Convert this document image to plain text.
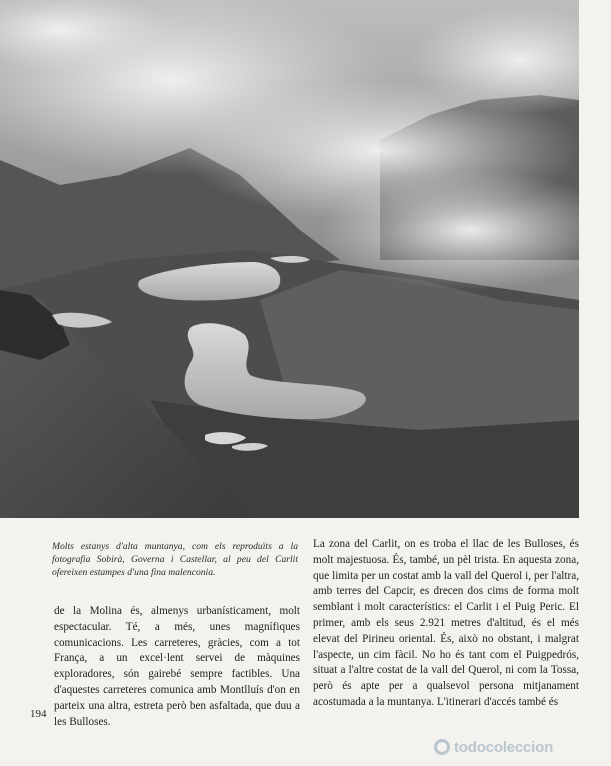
Molts estanys d'alta muntanya, com els reproduïts a la fotografia Sobirà, Governa i Castellar, al peu del Carlit ofereixen estampes d'una fina malenconia.

de la Molina és, almenys urbanísticament, molt espectacular. Té, a més, unes magnífiques comunicacions. Les carreteres, gràcies, com a tot França, a un excel·lent servei de màquines exploradores, són gairebé sempre factibles. Una d'aquestes carreteres comunica amb Montlluís d'on en parteix una altra, estreta però ben asfaltada, que duu a les Bulloses.

La zona del Carlit, on es troba el llac de les Bulloses, és molt majestuosa. És, també, un pèl trista. En aquesta zona, que limita per un costat amb la vall del Querol i, per l'altra, amb terres del Capcir, es drecen dos cims de forma molt semblant i molt característics: el Carlit i el Puig Peric. El primer, amb els seus 2.921 metres d'altitud, és el més elevat del Pirineu oriental. És, això no obstant, i malgrat l'aspecte, un cim fàcil. No ho és tant com el Puigpedrós, situat a l'altre costat de la vall del Querol, ni com la Tossa, però és apte per a qualsevol persona mitjanament acostumada a la muntanya. L'itinerari d'accés també és

194
todocoleccion
